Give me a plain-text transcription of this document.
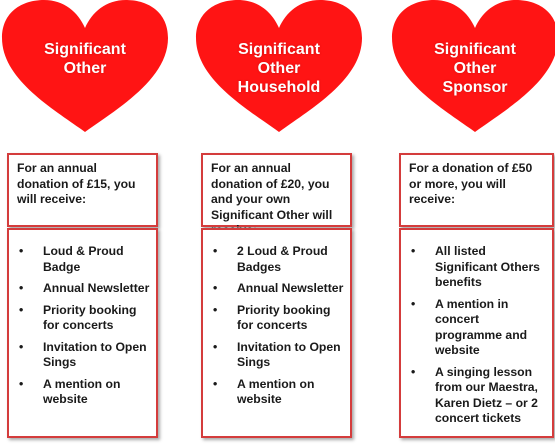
Significant
Other
For an annual
donation of £15, you
will receive:
• Loud & Proud
Badge
• Annual Newsletter
• Priority booking
for concerts
• Invitation to Open
Sings
• A mention on
website
Significant
Other
Household
For an annual
donation of £20, you
and your own
Significant Other will

• 2 Loud & Proud
Badges
• Annual Newsletter
• Priority booking
for concerts
• Invitation to Open
Sings
• A mention on
website
Significant
Other
Sponsor
For a donation of £50
or more, you will
receive:
• All listed
Significant Others
benefits
• A mention in
concert
programme and
website
• A singing lesson
from our Maestra,
Karen Dietz – or 2
concert tickets
